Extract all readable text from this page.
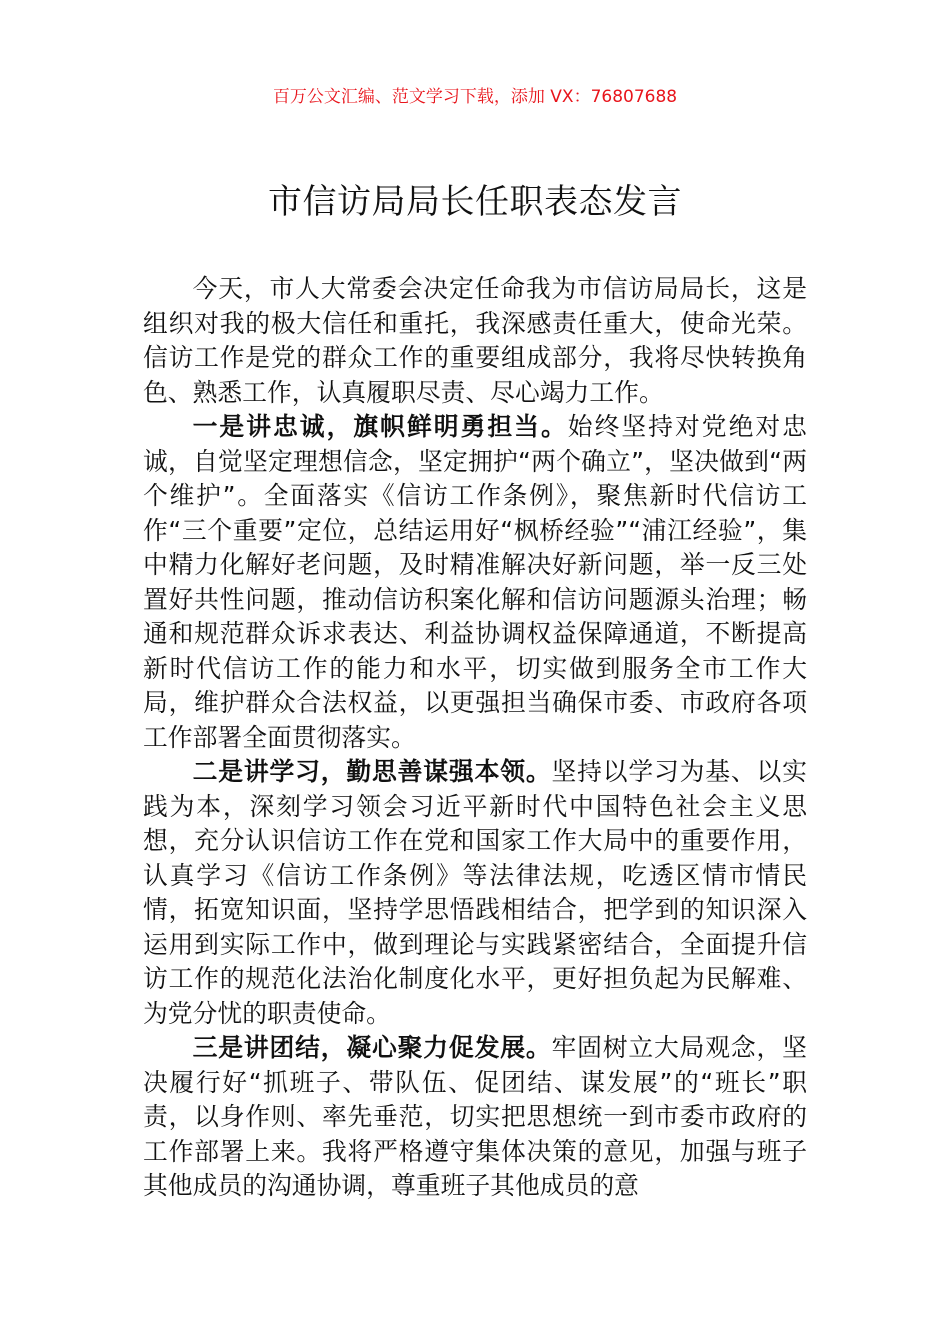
百万公文汇编、范文学习下载，添加 VX：76807688
市信访局局长任职表态发言

今天，市人大常委会决定任命我为市信访局局长，这是组织对我的极大信任和重托，我深感责任重大，使命光荣。信访工作是党的群众工作的重要组成部分，我将尽快转换角色、熟悉工作，认真履职尽责、尽心竭力工作。

一是讲忠诚，旗帜鲜明勇担当。始终坚持对党绝对忠诚，自觉坚定理想信念，坚定拥护“两个确立”，坚决做到“两个维护”。全面落实《信访工作条例》，聚焦新时代信访工作“三个重要”定位，总结运用好“枫桥经验”“浦江经验”，集中精力化解好老问题，及时精准解决好新问题，举一反三处置好共性问题，推动信访积案化解和信访问题源头治理；畅通和规范群众诉求表达、利益协调权益保障通道，不断提高新时代信访工作的能力和水平，切实做到服务全市工作大局，维护群众合法权益，以更强担当确保市委、市政府各项工作部署全面贯彻落实。

二是讲学习，勤思善谋强本领。坚持以学习为基、以实践为本，深刻学习领会习近平新时代中国特色社会主义思想，充分认识信访工作在党和国家工作大局中的重要作用，认真学习《信访工作条例》等法律法规，吃透区情市情民情，拓宽知识面，坚持学思悟践相结合，把学到的知识深入运用到实际工作中，做到理论与实践紧密结合，全面提升信访工作的规范化法治化制度化水平，更好担负起为民解难、为党分忧的职责使命。

三是讲团结，凝心聚力促发展。牢固树立大局观念，坚决履行好“抓班子、带队伍、促团结、谋发展”的“班长”职责，以身作则、率先垂范，切实把思想统一到市委市政府的工作部署上来。我将严格遵守集体决策的意见，加强与班子其他成员的沟通协调，尊重班子其他成员的意
